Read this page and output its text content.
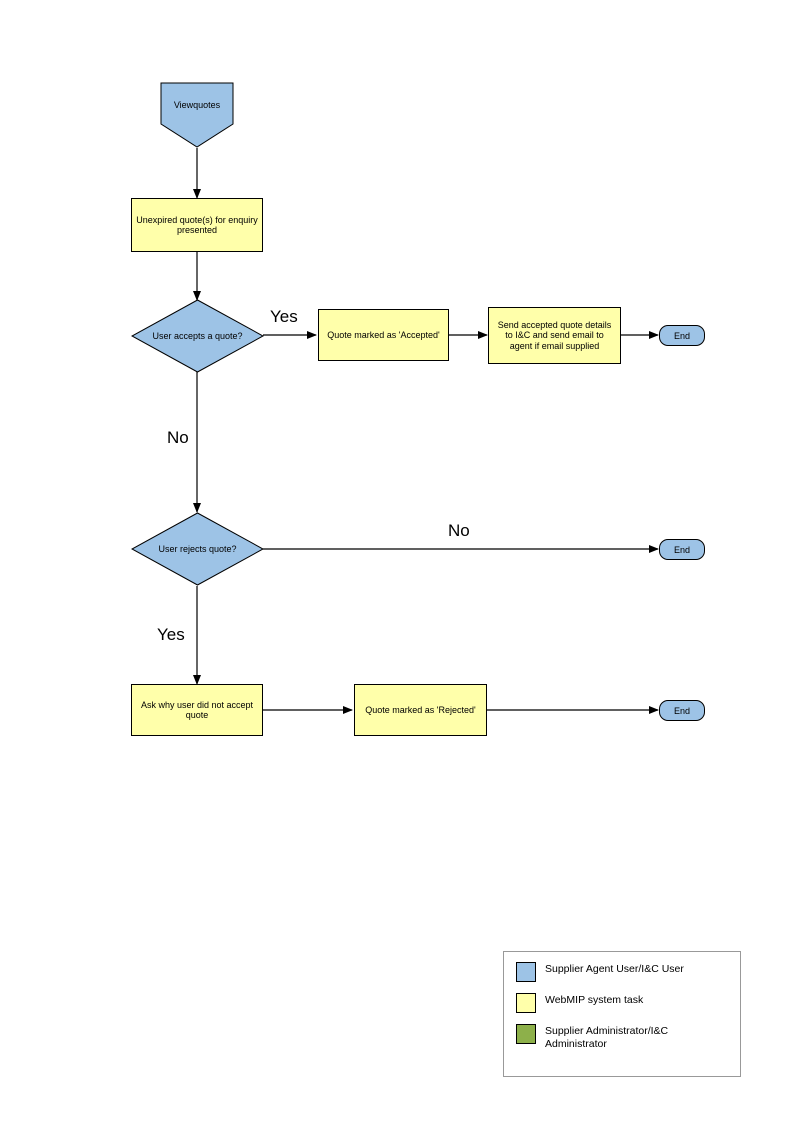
Viewquotes
Unexpired quote(s) for enquiry presented
User accepts a quote?	Quote marked as 'Accepted'
Send accepted quote details to I&C and send email to agent if email supplied
End
User rejects quote?	End
Ask why user did not accept quote
Quote marked as 'Rejected'	End
Yes
No
No
Yes
Supplier Agent User/I&C User
WebMIP system task
Supplier Administrator/I&C Administrator
